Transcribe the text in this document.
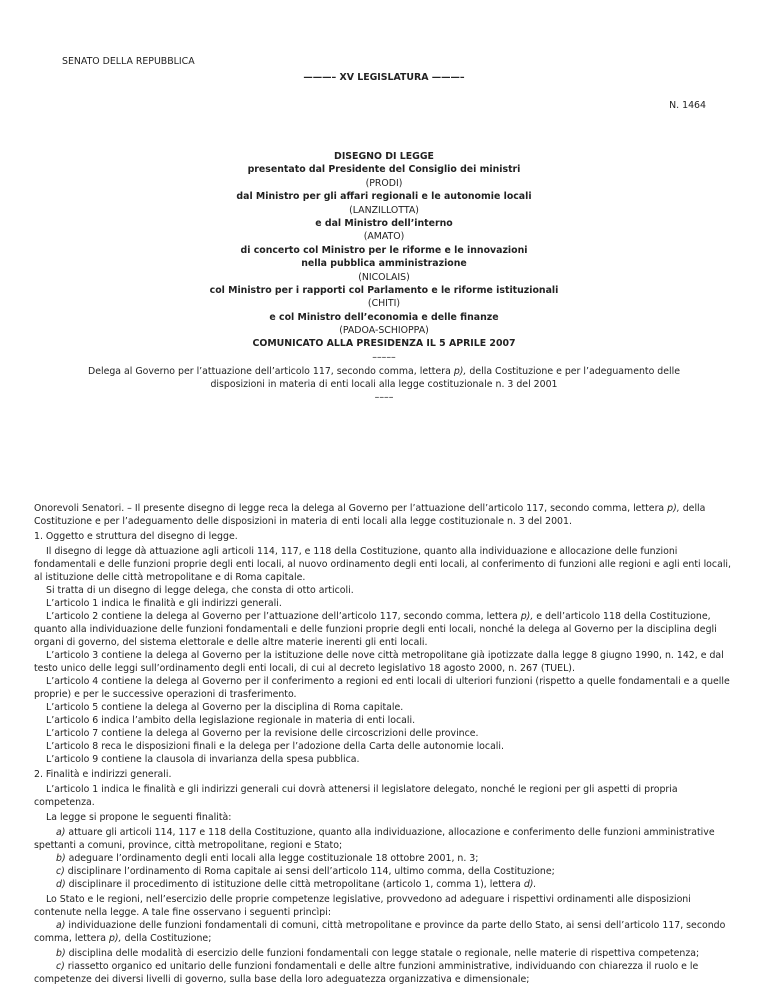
SENATO DELLA REPUBBLICA
———– XV LEGISLATURA ———–
N. 1464
DISEGNO DI LEGGE
presentato dal Presidente del Consiglio dei ministri
(PRODI)
dal Ministro per gli affari regionali e le autonomie locali
(LANZILLOTTA)
e dal Ministro dell’interno
(AMATO)
di concerto col Ministro per le riforme e le innovazioni
nella pubblica amministrazione
(NICOLAIS)
col Ministro per i rapporti col Parlamento e le riforme istituzionali
(CHITI)
e col Ministro dell’economia e delle finanze
(PADOA-SCHIOPPA)
COMUNICATO ALLA PRESIDENZA IL 5 APRILE 2007
–––––
Delega al Governo per l’attuazione dell’articolo 117, secondo comma, lettera p), della Costituzione e per l’adeguamento delle
disposizioni in materia di enti locali alla legge costituzionale n. 3 del 2001
––––

Onorevoli Senatori. – Il presente disegno di legge reca la delega al Governo per l’attuazione dell’articolo 117, secondo comma, lettera p), della Costituzione e per l’adeguamento delle disposizioni in materia di enti locali alla legge costituzionale n. 3 del 2001.

1. Oggetto e struttura del disegno di legge.

Il disegno di legge dà attuazione agli articoli 114, 117, e 118 della Costituzione, quanto alla individuazione e allocazione delle funzioni fondamentali e delle funzioni proprie degli enti locali, al nuovo ordinamento degli enti locali, al conferimento di funzioni alle regioni e agli enti locali, al istituzione delle città metropolitane e di Roma capitale.

Si tratta di un disegno di legge delega, che consta di otto articoli.

L’articolo 1 indica le finalità e gli indirizzi generali.

L’articolo 2 contiene la delega al Governo per l’attuazione dell’articolo 117, secondo comma, lettera p), e dell’articolo 118 della Costituzione, quanto alla individuazione delle funzioni fondamentali e delle funzioni proprie degli enti locali, nonché la delega al Governo per la disciplina degli organi di governo, del sistema elettorale e delle altre materie inerenti gli enti locali.

L’articolo 3 contiene la delega al Governo per la istituzione delle nove città metropolitane già ipotizzate dalla legge 8 giugno 1990, n. 142, e dal testo unico delle leggi sull’ordinamento degli enti locali, di cui al decreto legislativo 18 agosto 2000, n. 267 (TUEL).

L’articolo 4 contiene la delega al Governo per il conferimento a regioni ed enti locali di ulteriori funzioni (rispetto a quelle fondamentali e a quelle proprie) e per le successive operazioni di trasferimento.

L’articolo 5 contiene la delega al Governo per la disciplina di Roma capitale.

L’articolo 6 indica l’ambito della legislazione regionale in materia di enti locali.

L’articolo 7 contiene la delega al Governo per la revisione delle circoscrizioni delle province.

L’articolo 8 reca le disposizioni finali e la delega per l’adozione della Carta delle autonomie locali.

L’articolo 9 contiene la clausola di invarianza della spesa pubblica.

2. Finalità e indirizzi generali.

L’articolo 1 indica le finalità e gli indirizzi generali cui dovrà attenersi il legislatore delegato, nonché le regioni per gli aspetti di propria competenza.

La legge si propone le seguenti finalità:

a) attuare gli articoli 114, 117 e 118 della Costituzione, quanto alla individuazione, allocazione e conferimento delle funzioni amministrative spettanti a comuni, province, città metropolitane, regioni e Stato;

b) adeguare l’ordinamento degli enti locali alla legge costituzionale 18 ottobre 2001, n. 3;

c) disciplinare l’ordinamento di Roma capitale ai sensi dell’articolo 114, ultimo comma, della Costituzione;

d) disciplinare il procedimento di istituzione delle città metropolitane (articolo 1, comma 1), lettera d).

Lo Stato e le regioni, nell’esercizio delle proprie competenze legislative, provvedono ad adeguare i rispettivi ordinamenti alle disposizioni contenute nella legge. A tale fine osservano i seguenti princìpi:

a) individuazione delle funzioni fondamentali di comuni, città metropolitane e province da parte dello Stato, ai sensi dell’articolo 117, secondo comma, lettera p), della Costituzione;

b) disciplina delle modalità di esercizio delle funzioni fondamentali con legge statale o regionale, nelle materie di rispettiva competenza;

c) riassetto organico ed unitario delle funzioni fondamentali e delle altre funzioni amministrative, individuando con chiarezza il ruolo e le competenze dei diversi livelli di governo, sulla base della loro adeguatezza organizzativa e dimensionale;
